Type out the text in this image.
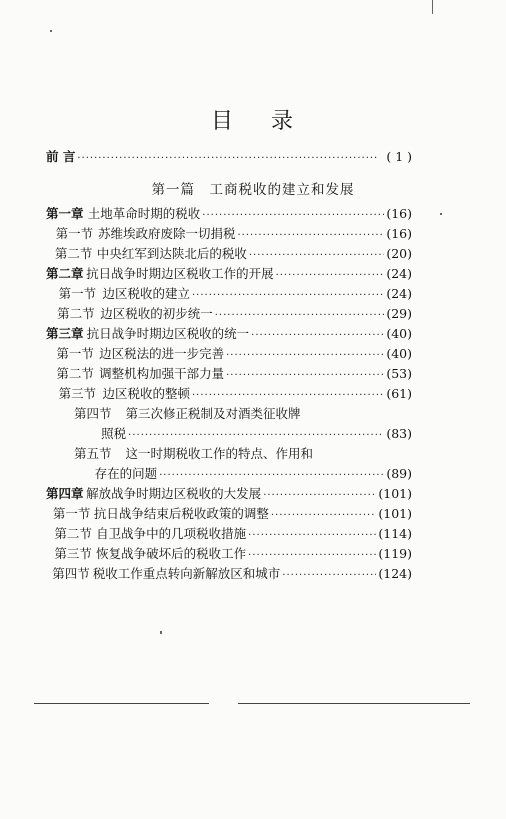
目 录
前 言 ·····	( 1 )
第一篇　工商税收的建立和发展
第一章 土地革命时期的税收 ·····	(16)
第一节 苏维埃政府废除一切捐税 ·····	(16)
第二节 中央红军到达陕北后的税收 ·····	(20)
第二章 抗日战争时期边区税收工作的开展 ·····	(24)
第一节 边区税收的建立 ·····	(24)
第二节 边区税收的初步统一 ·····	(29)
第三章 抗日战争时期边区税收的统一 ·····	(40)
第一节 边区税法的进一步完善 ·····	(40)
第二节 调整机构加强干部力量 ·····	(53)
第三节 边区税收的整顿 ·····	(61)
第四节 第三次修正税制及对酒类征收牌
照税 ·····	(83)
第五节 这一时期税收工作的特点、作用和
存在的问题 ·····	(89)
第四章 解放战争时期边区税收的大发展 ·····	(101)
第一节 抗日战争结束后税收政策的调整 ·····	(101)
第二节 自卫战争中的几项税收措施 ·····	(114)
第三节 恢复战争破坏后的税收工作 ·····	(119)
第四节 税收工作重点转向新解放区和城市 ·····	(124)
